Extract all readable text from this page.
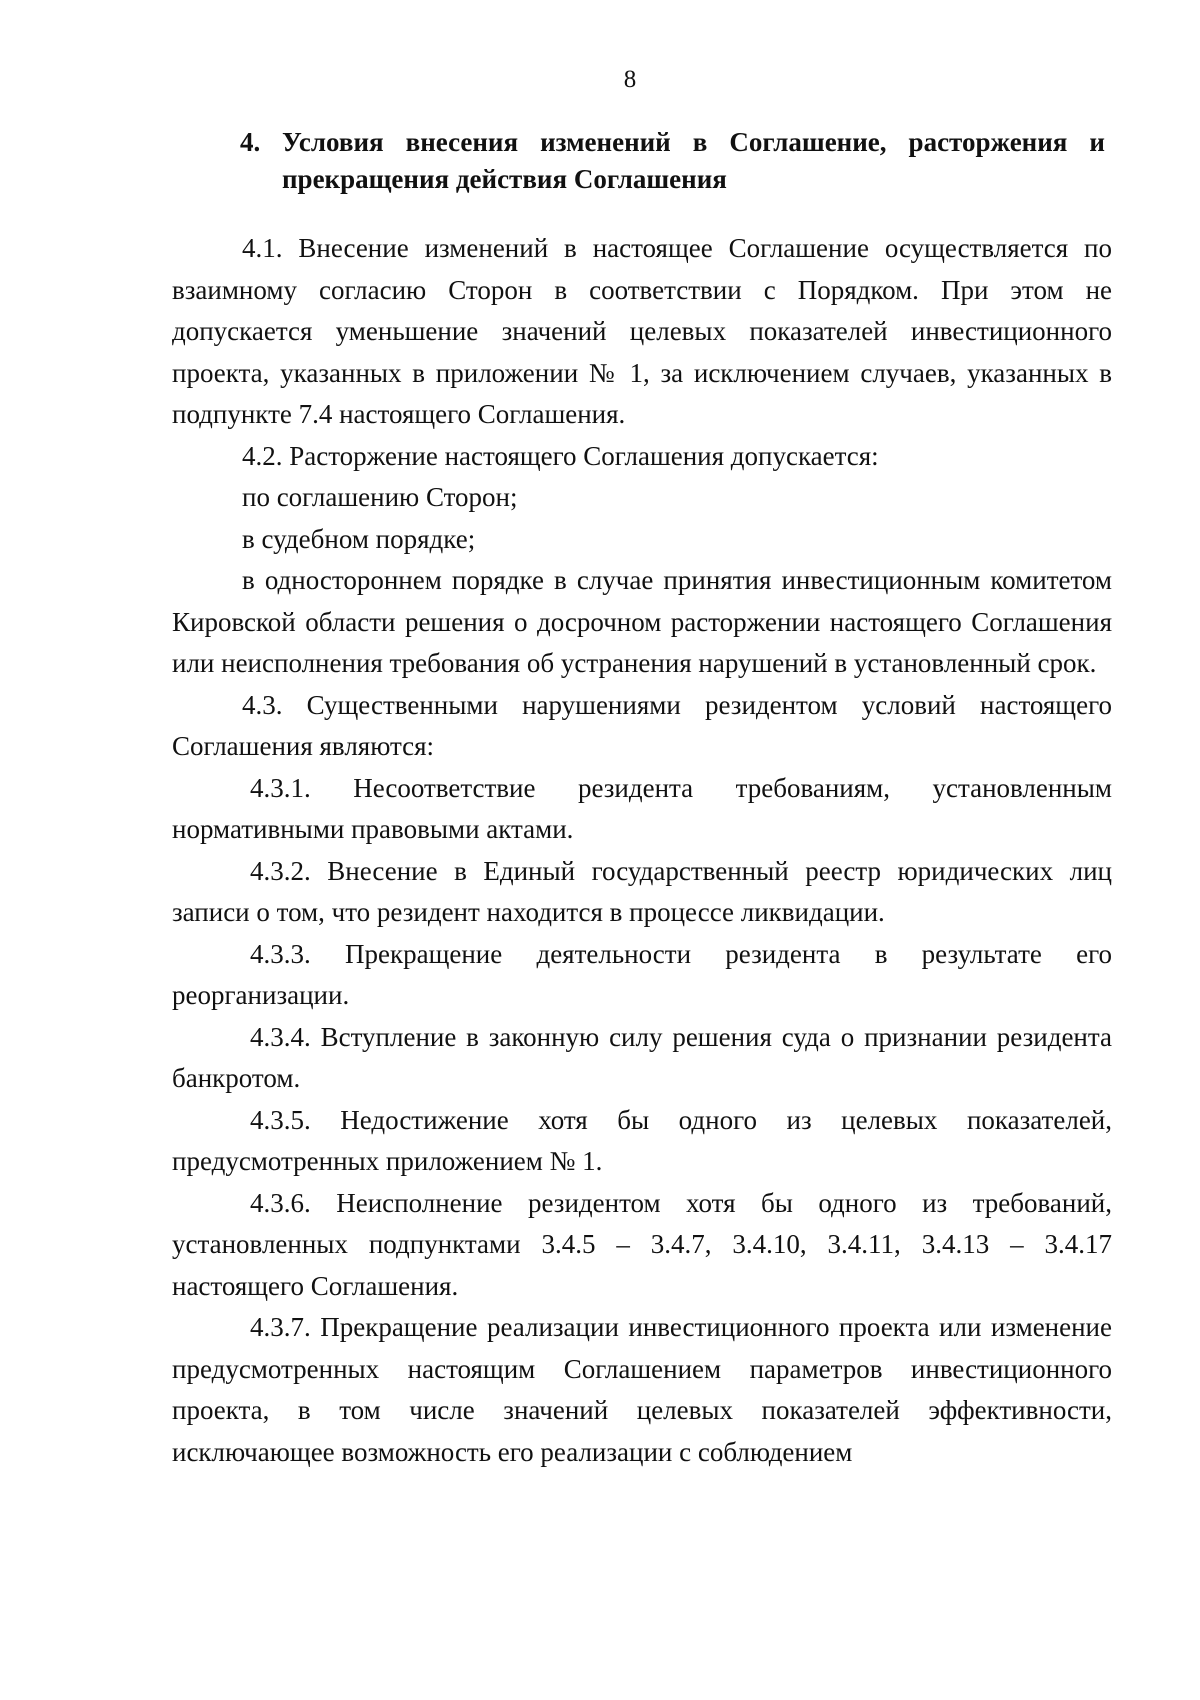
8
4. Условия внесения изменений в Соглашение, расторжения и прекращения действия Соглашения

4.1. Внесение изменений в настоящее Соглашение осуществляется по взаимному согласию Сторон в соответствии с Порядком. При этом не допускается уменьшение значений целевых показателей инвестиционного проекта, указанных в приложении № 1, за исключением случаев, указанных в подпункте 7.4 настоящего Соглашения.

4.2. Расторжение настоящего Соглашения допускается:

по соглашению Сторон;

в судебном порядке;

в одностороннем порядке в случае принятия инвестиционным комитетом Кировской области решения о досрочном расторжении настоящего Соглашения или неисполнения требования об устранения нарушений в установленный срок.

4.3. Существенными нарушениями резидентом условий настоящего Соглашения являются:

4.3.1. Несоответствие резидента требованиям, установленным нормативными правовыми актами.

4.3.2. Внесение в Единый государственный реестр юридических лиц записи о том, что резидент находится в процессе ликвидации.

4.3.3. Прекращение деятельности резидента в результате его реорганизации.

4.3.4. Вступление в законную силу решения суда о признании резидента банкротом.

4.3.5. Недостижение хотя бы одного из целевых показателей, предусмотренных приложением № 1.

4.3.6. Неисполнение резидентом хотя бы одного из требований, установленных подпунктами 3.4.5 – 3.4.7, 3.4.10, 3.4.11, 3.4.13 – 3.4.17 настоящего Соглашения.

4.3.7. Прекращение реализации инвестиционного проекта или изменение предусмотренных настоящим Соглашением параметров инвестиционного проекта, в том числе значений целевых показателей эффективности, исключающее возможность его реализации с соблюдением
